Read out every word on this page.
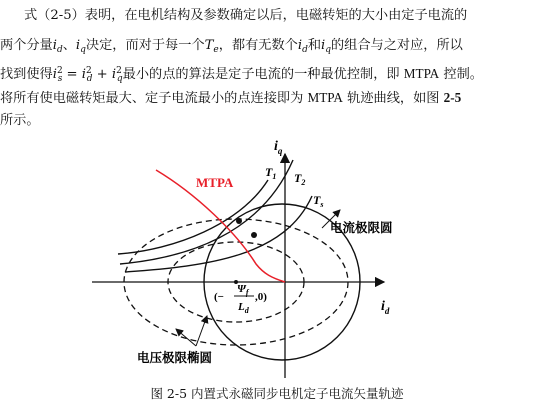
式（2-5）表明，在电机结构及参数确定以后，电磁转矩的大小由定子电流的
两个分量$i_d$、$i_q$决定，而对于每一个$T_e$，都有无数个$i_d$和$i_q$的组合与之对应，所以
找到使得$i^2_s = i^2_d + i^2_q$最小的点的算法是定子电流的一种最优控制，即 MTPA 控制。
将所有使电磁转矩最大、定子电流最小的点连接即为 MTPA 轨迹曲线，如图 2-5
所示。
$i_q$
$i_d$
MTPA
$T_1$ $T_2$
$T_s$
电流极限圆
电压极限椭圆
(−
$\Psi_f$
$L_d$
,0)
图 2-5 内置式永磁同步电机定子电流矢量轨迹
